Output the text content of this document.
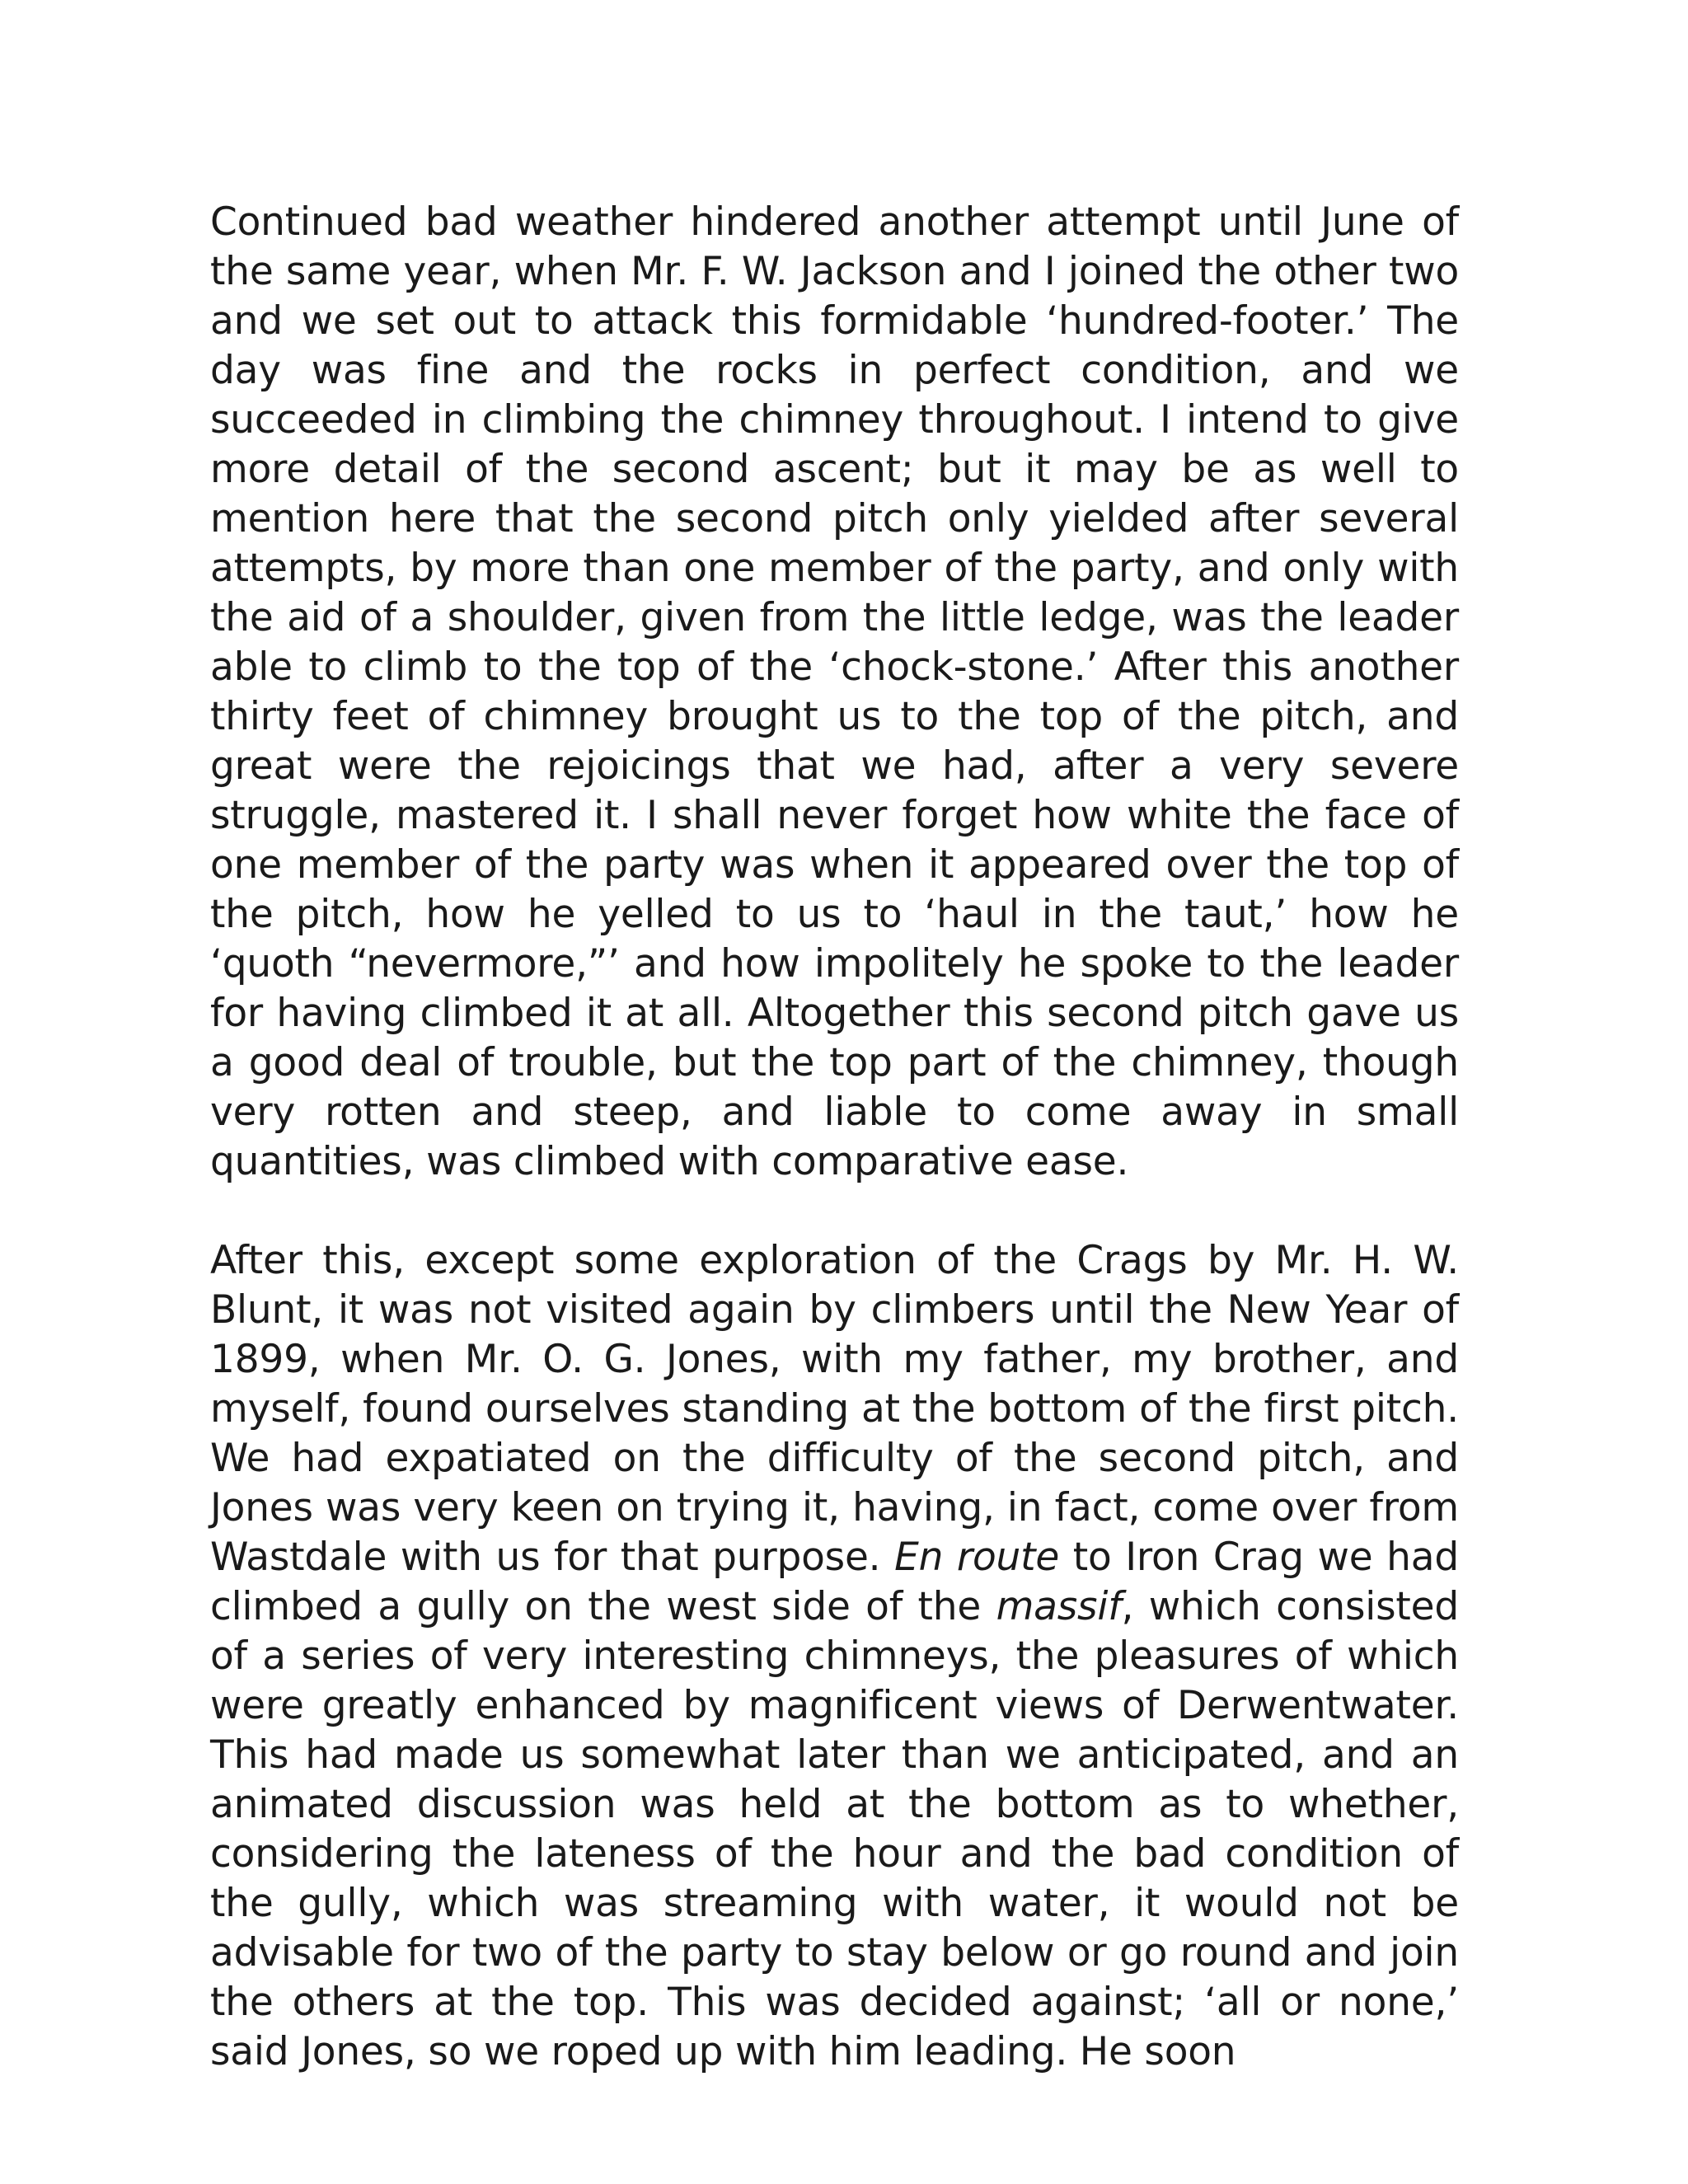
Continued bad weather hindered another attempt until June of the same year, when Mr. F. W. Jackson and I joined the other two and we set out to attack this formidable ‘hundred-footer.’ The day was fine and the rocks in perfect condition, and we succeeded in climbing the chimney throughout. I intend to give more detail of the second ascent; but it may be as well to mention here that the second pitch only yielded after several attempts, by more than one member of the party, and only with the aid of a shoulder, given from the little ledge, was the leader able to climb to the top of the ‘chock-stone.’ After this another thirty feet of chimney brought us to the top of the pitch, and great were the rejoicings that we had, after a very severe struggle, mastered it. I shall never forget how white the face of one member of the party was when it appeared over the top of the pitch, how he yelled to us to ‘haul in the taut,’ how he ‘quoth “nevermore,”’ and how impolitely he spoke to the leader for having climbed it at all. Altogether this second pitch gave us a good deal of trouble, but the top part of the chimney, though very rotten and steep, and liable to come away in small quantities, was climbed with comparative ease.

After this, except some exploration of the Crags by Mr. H. W. Blunt, it was not visited again by climbers until the New Year of 1899, when Mr. O. G. Jones, with my father, my brother, and myself, found ourselves standing at the bottom of the first pitch. We had expatiated on the difficulty of the second pitch, and Jones was very keen on trying it, having, in fact, come over from Wastdale with us for that purpose. En route to Iron Crag we had climbed a gully on the west side of the massif, which consisted of a series of very interesting chimneys, the pleasures of which were greatly enhanced by magnificent views of Derwentwater. This had made us somewhat later than we anticipated, and an animated discussion was held at the bottom as to whether, considering the lateness of the hour and the bad condition of the gully, which was streaming with water, it would not be advisable for two of the party to stay below or go round and join the others at the top. This was decided against; ‘all or none,’ said Jones, so we roped up with him leading. He soon
